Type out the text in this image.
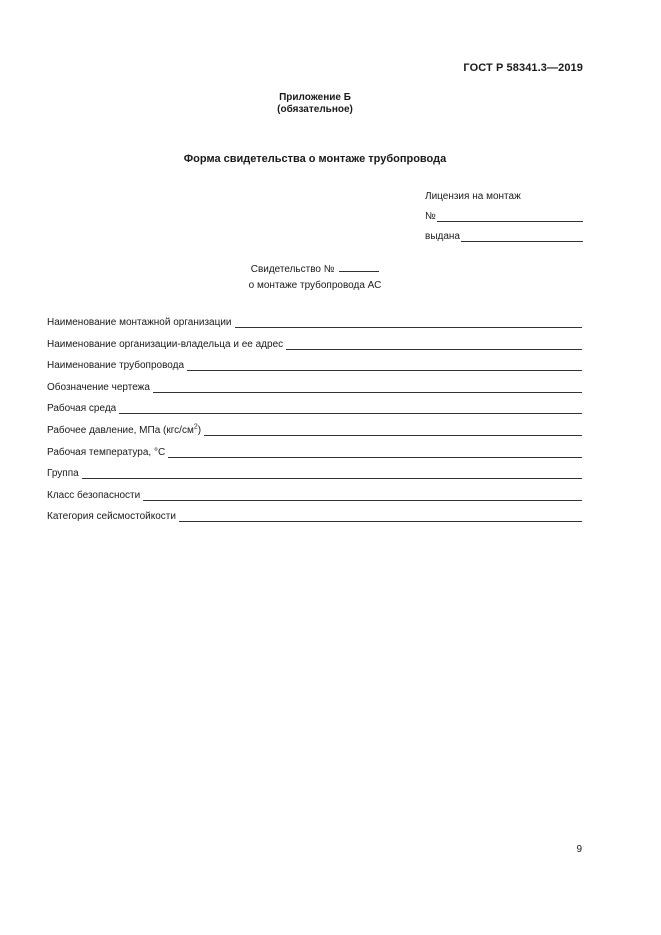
ГОСТ Р 58341.3—2019
Приложение Б
(обязательное)
Форма свидетельства о монтаже трубопровода
Лицензия на монтаж
№
выдана
Свидетельство №
о монтаже трубопровода АС
Наименование монтажной организации
Наименование организации-владельца и ее адрес
Наименование трубопровода
Обозначение чертежа
Рабочая среда
Рабочее давление, МПа $(кгс/см^2)$
Рабочая температура, °С
Группа
Класс безопасности
Категория сейсмостойкости
9
